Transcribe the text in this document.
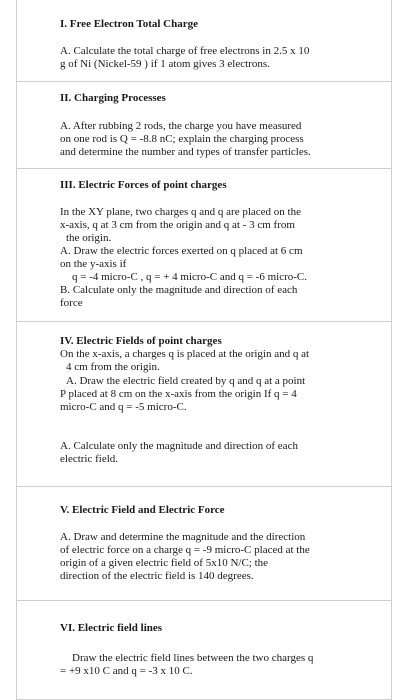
I. Free Electron Total Charge
A. Calculate the total charge of free electrons in 2.5 x 10
g of Ni (Nickel-59 ) if 1 atom gives 3 electrons.
II. Charging Processes
A. After rubbing 2 rods, the charge you have measured
on one rod is Q = -8.8 nC; explain the charging process
and determine the number and types of transfer particles.
III. Electric Forces of point charges
In the XY plane, two charges q and q are placed on the
x-axis, q at 3 cm from the origin and q at - 3 cm from
the origin.
A. Draw the electric forces exerted on q placed at 6 cm
on the y-axis if
q = -4 micro-C , q = + 4 micro-C and q = -6 micro-C.
B. Calculate only the magnitude and direction of each
force
IV. Electric Fields of point charges
On the x-axis, a charges q is placed at the origin and q at
4 cm from the origin.
A. Draw the electric field created by q and q at a point
P placed at 8 cm on the x-axis from the origin If q = 4
micro-C and q = -5 micro-C.
A. Calculate only the magnitude and direction of each
electric field.
V. Electric Field and Electric Force
A. Draw and determine the magnitude and the direction
of electric force on a charge q = -9 micro-C placed at the
origin of a given electric field of 5x10 N/C; the
direction of the electric field is 140 degrees.
VI. Electric field lines
Draw the electric field lines between the two charges q
= +9 x10 C and q = -3 x 10 C.
